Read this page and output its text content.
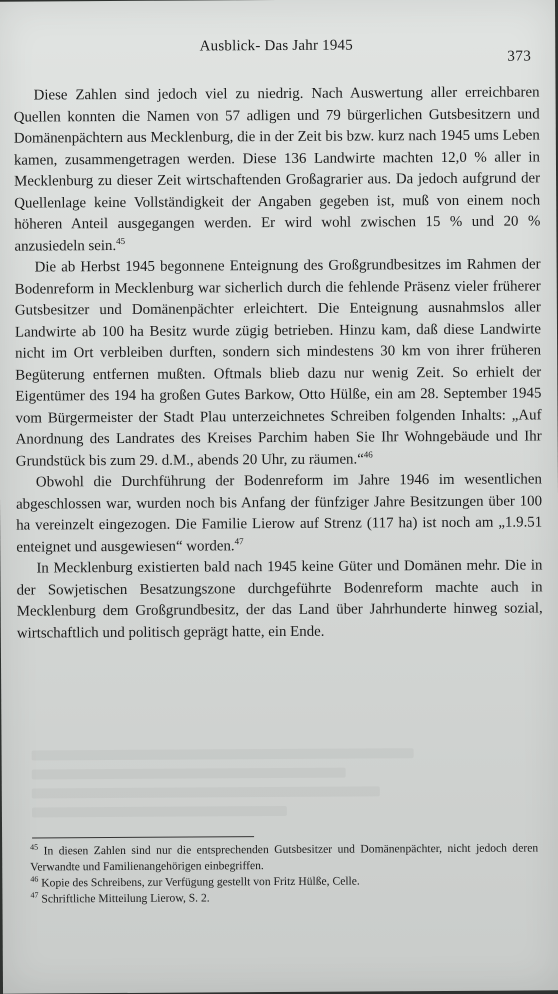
Ausblick- Das Jahr 1945
373

Diese Zahlen sind jedoch viel zu niedrig. Nach Auswertung aller erreichbaren Quellen konnten die Namen von 57 adligen und 79 bürgerlichen Gutsbesitzern und Domänenpächtern aus Mecklenburg, die in der Zeit bis bzw. kurz nach 1945 ums Leben kamen, zusammengetragen werden. Diese 136 Landwirte machten 12,0 % aller in Mecklenburg zu dieser Zeit wirtschaftenden Großagrarier aus. Da jedoch aufgrund der Quellenlage keine Vollständigkeit der Angaben gegeben ist, muß von einem noch höheren Anteil ausgegangen werden. Er wird wohl zwischen 15 % und 20 % anzusiedeln sein.$^{45}$

Die ab Herbst 1945 begonnene Enteignung des Großgrundbesitzes im Rahmen der Bodenreform in Mecklenburg war sicherlich durch die fehlende Präsenz vieler früherer Gutsbesitzer und Domänenpächter erleichtert. Die Enteignung ausnahmslos aller Landwirte ab 100 ha Besitz wurde zügig betrieben. Hinzu kam, daß diese Landwirte nicht im Ort verbleiben durften, sondern sich mindestens 30 km von ihrer früheren Begüterung entfernen mußten. Oftmals blieb dazu nur wenig Zeit. So erhielt der Eigentümer des 194 ha großen Gutes Barkow, Otto Hülße, ein am 28. September 1945 vom Bürgermeister der Stadt Plau unterzeichnetes Schreiben folgenden Inhalts: „Auf Anordnung des Landrates des Kreises Parchim haben Sie Ihr Wohngebäude und Ihr Grundstück bis zum 29. d.M., abends 20 Uhr, zu räumen.“$^{46}$

Obwohl die Durchführung der Bodenreform im Jahre 1946 im wesentlichen abgeschlossen war, wurden noch bis Anfang der fünfziger Jahre Besitzungen über 100 ha vereinzelt eingezogen. Die Familie Lierow auf Strenz (117 ha) ist noch am „1.9.51 enteignet und ausgewiesen“ worden.$^{47}$

In Mecklenburg existierten bald nach 1945 keine Güter und Domänen mehr. Die in der Sowjetischen Besatzungszone durchgeführte Bodenreform machte auch in Mecklenburg dem Großgrundbesitz, der das Land über Jahrhunderte hinweg sozial, wirtschaftlich und politisch geprägt hatte, ein Ende.

$^{45}$ In diesen Zahlen sind nur die entsprechenden Gutsbesitzer und Domänenpächter, nicht jedoch deren Verwandte und Familienangehörigen einbegriffen.

$^{46}$ Kopie des Schreibens, zur Verfügung gestellt von Fritz Hülße, Celle.

$^{47}$ Schriftliche Mitteilung Lierow, S. 2.
